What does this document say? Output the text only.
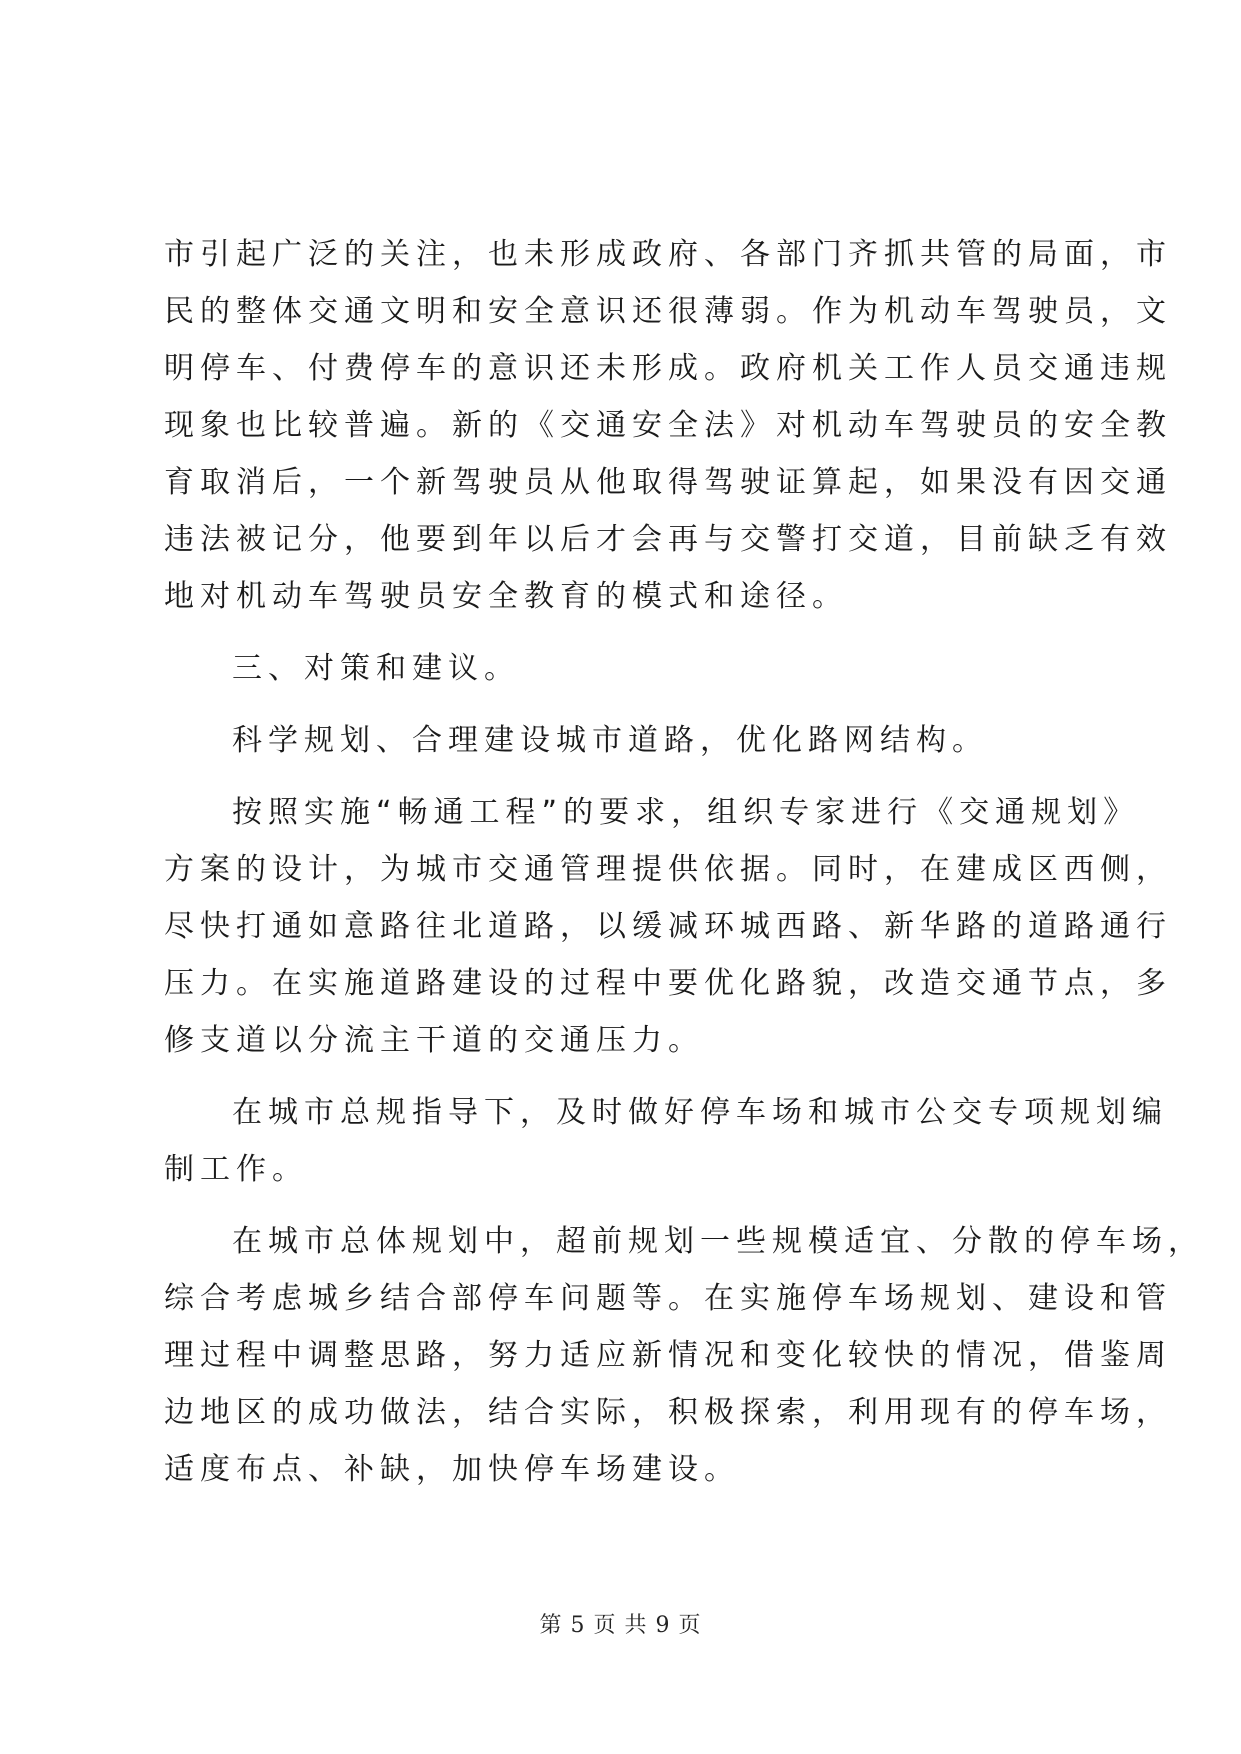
市引起广泛的关注，也未形成政府、各部门齐抓共管的局面，市
民的整体交通文明和安全意识还很薄弱。作为机动车驾驶员，文
明停车、付费停车的意识还未形成。政府机关工作人员交通违规
现象也比较普遍。新的《交通安全法》对机动车驾驶员的安全教
育取消后，一个新驾驶员从他取得驾驶证算起，如果没有因交通
违法被记分，他要到年以后才会再与交警打交道，目前缺乏有效
地对机动车驾驶员安全教育的模式和途径。

三、对策和建议。

科学规划、合理建设城市道路，优化路网结构。

按照实施“畅通工程”的要求，组织专家进行《交通规划》
方案的设计，为城市交通管理提供依据。同时，在建成区西侧，
尽快打通如意路往北道路，以缓减环城西路、新华路的道路通行
压力。在实施道路建设的过程中要优化路貌，改造交通节点，多
修支道以分流主干道的交通压力。

在城市总规指导下，及时做好停车场和城市公交专项规划编
制工作。

在城市总体规划中，超前规划一些规模适宜、分散的停车场，
综合考虑城乡结合部停车问题等。在实施停车场规划、建设和管
理过程中调整思路，努力适应新情况和变化较快的情况，借鉴周
边地区的成功做法，结合实际，积极探索，利用现有的停车场，
适度布点、补缺，加快停车场建设。

第 5 页 共 9 页
